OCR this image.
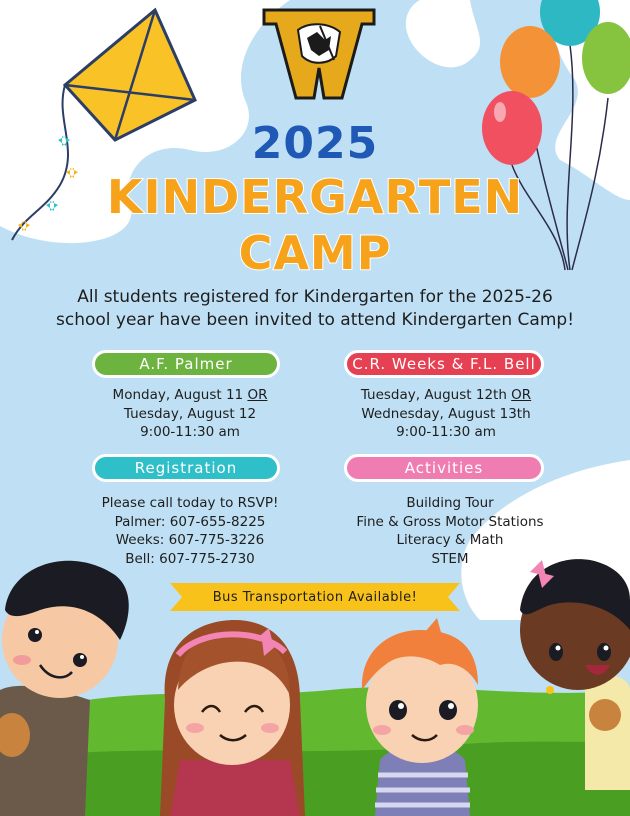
2025
KINDERGARTEN
CAMP
All students registered for Kindergarten for the 2025-26
school year have been invited to attend Kindergarten Camp!
A.F. Palmer	C.R. Weeks & F.L. Bell
Registration	Activities
Monday, August 11 OR
Tuesday, August 12
9:00-11:30 am
Tuesday, August 12th OR
Wednesday, August 13th
9:00-11:30 am
Please call today to RSVP!
Palmer: 607-655-8225
Weeks: 607-775-3226
Bell: 607-775-2730
Building Tour
Fine & Gross Motor Stations
Literacy & Math
STEM
Bus Transportation Available!
